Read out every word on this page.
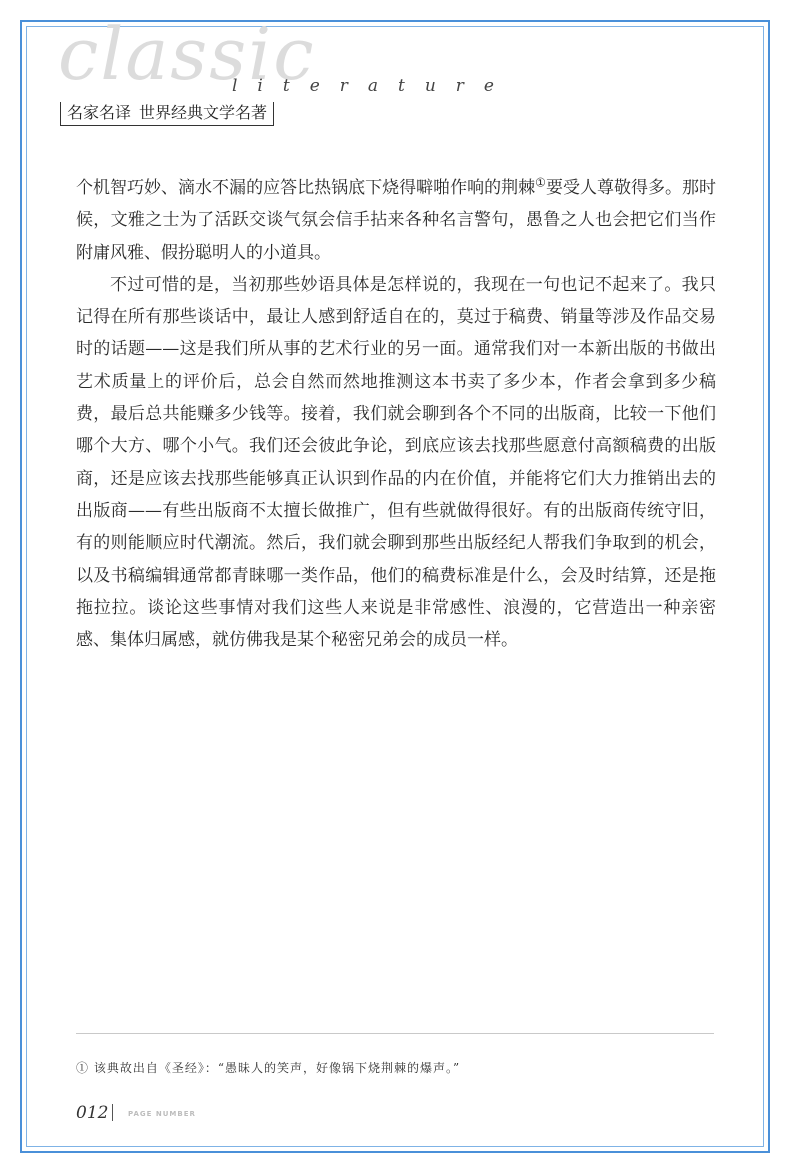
classic
literature
名家名译 世界经典文学名著

个机智巧妙、滴水不漏的应答比热锅底下烧得噼啪作响的荆棘①要受人尊敬得多。那时候，文雅之士为了活跃交谈气氛会信手拈来各种名言警句，愚鲁之人也会把它们当作附庸风雅、假扮聪明人的小道具。

不过可惜的是，当初那些妙语具体是怎样说的，我现在一句也记不起来了。我只记得在所有那些谈话中，最让人感到舒适自在的，莫过于稿费、销量等涉及作品交易时的话题——这是我们所从事的艺术行业的另一面。通常我们对一本新出版的书做出艺术质量上的评价后，总会自然而然地推测这本书卖了多少本，作者会拿到多少稿费，最后总共能赚多少钱等。接着，我们就会聊到各个不同的出版商，比较一下他们哪个大方、哪个小气。我们还会彼此争论，到底应该去找那些愿意付高额稿费的出版商，还是应该去找那些能够真正认识到作品的内在价值，并能将它们大力推销出去的出版商——有些出版商不太擅长做推广，但有些就做得很好。有的出版商传统守旧，有的则能顺应时代潮流。然后，我们就会聊到那些出版经纪人帮我们争取到的机会，以及书稿编辑通常都青睐哪一类作品，他们的稿费标准是什么，会及时结算，还是拖拖拉拉。谈论这些事情对我们这些人来说是非常感性、浪漫的，它营造出一种亲密感、集体归属感，就仿佛我是某个秘密兄弟会的成员一样。

① 该典故出自《圣经》：“愚昧人的笑声，好像锅下烧荆棘的爆声。”
012	PAGE NUMBER
